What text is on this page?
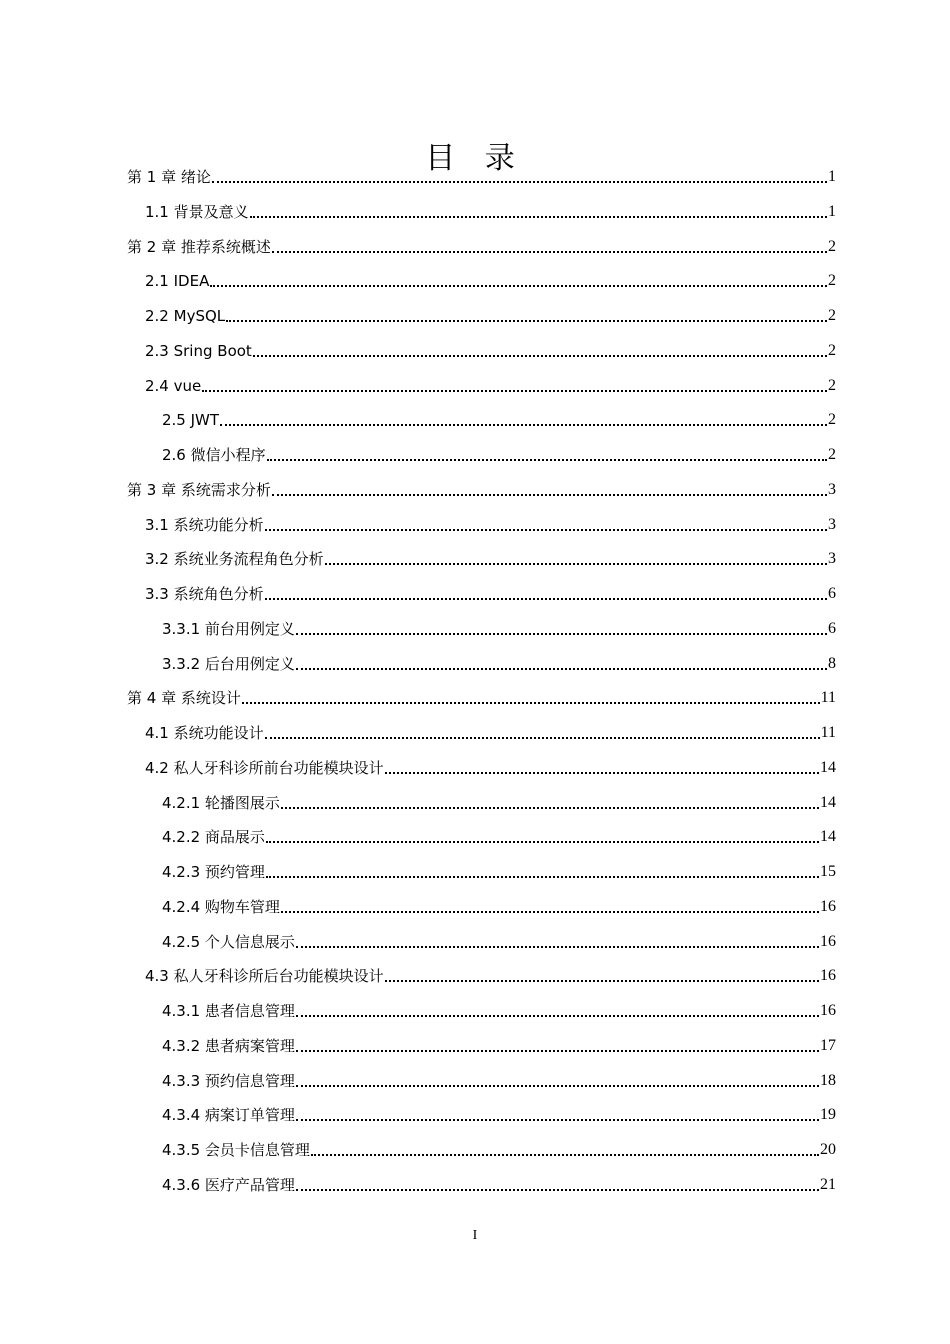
目 录
第 1 章 绪论	1
1.1 背景及意义	1
第 2 章 推荐系统概述	2
2.1 IDEA	2
2.2 MySQL	2
2.3 Sring Boot	2
2.4 vue	2
2.5 JWT	2
2.6 微信小程序	2
第 3 章 系统需求分析	3
3.1 系统功能分析	3
3.2 系统业务流程角色分析	3
3.3 系统角色分析	6
3.3.1 前台用例定义	6
3.3.2 后台用例定义	8
第 4 章 系统设计	11
4.1 系统功能设计	11
4.2 私人牙科诊所前台功能模块设计	14
4.2.1 轮播图展示	14
4.2.2 商品展示	14
4.2.3 预约管理	15
4.2.4 购物车管理	16
4.2.5 个人信息展示	16
4.3 私人牙科诊所后台功能模块设计	16
4.3.1 患者信息管理	16
4.3.2 患者病案管理	17
4.3.3 预约信息管理	18
4.3.4 病案订单管理	19
4.3.5 会员卡信息管理	20
4.3.6 医疗产品管理	21
I
